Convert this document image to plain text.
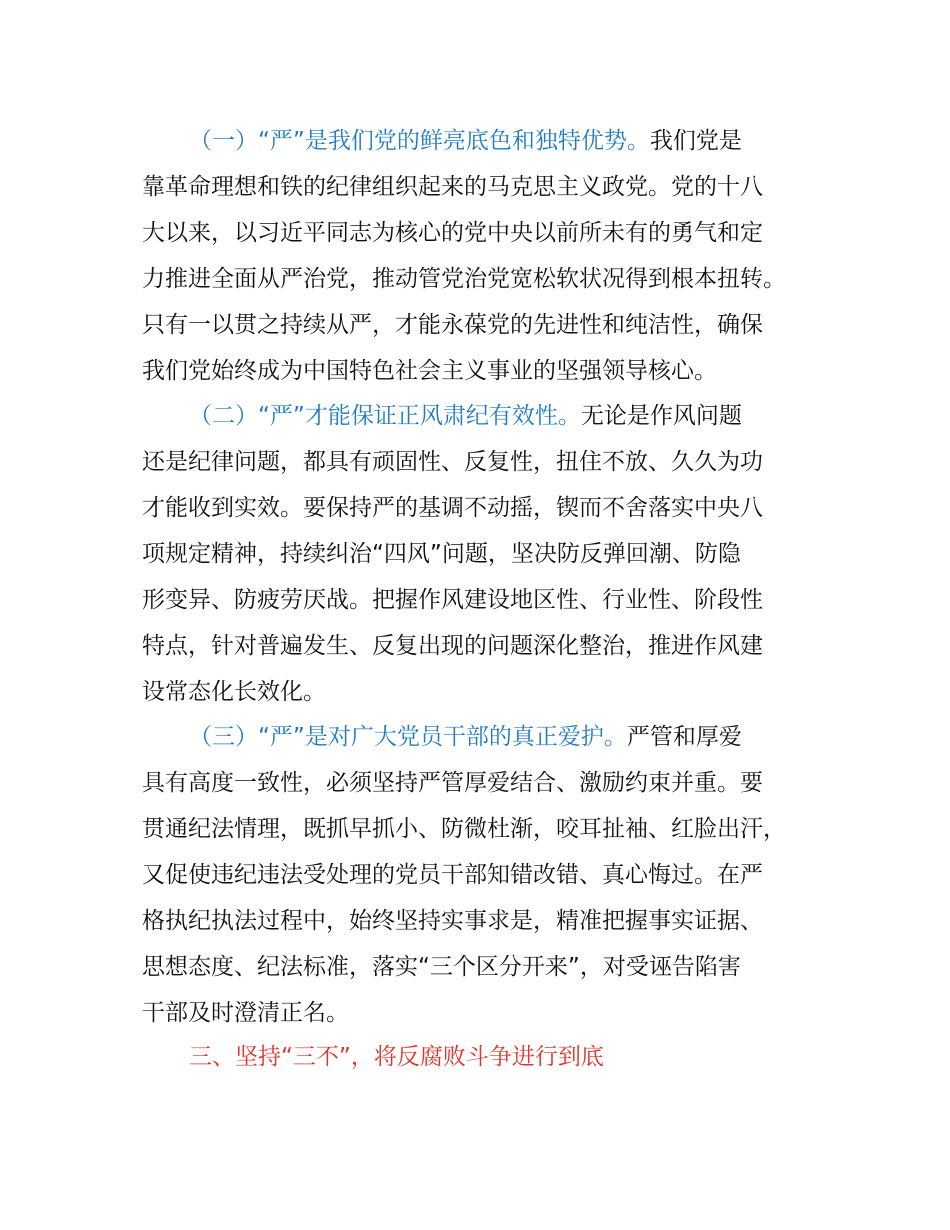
（一）“严”是我们党的鲜亮底色和独特优势。我们党是
靠革命理想和铁的纪律组织起来的马克思主义政党。党的十八
大以来，以习近平同志为核心的党中央以前所未有的勇气和定
力推进全面从严治党，推动管党治党宽松软状况得到根本扭转。
只有一以贯之持续从严，才能永葆党的先进性和纯洁性，确保
我们党始终成为中国特色社会主义事业的坚强领导核心。
（二）“严”才能保证正风肃纪有效性。无论是作风问题
还是纪律问题，都具有顽固性、反复性，扭住不放、久久为功
才能收到实效。要保持严的基调不动摇，锲而不舍落实中央八
项规定精神，持续纠治“四风”问题，坚决防反弹回潮、防隐
形变异、防疲劳厌战。把握作风建设地区性、行业性、阶段性
特点，针对普遍发生、反复出现的问题深化整治，推进作风建
设常态化长效化。
（三）“严”是对广大党员干部的真正爱护。严管和厚爱
具有高度一致性，必须坚持严管厚爱结合、激励约束并重。要
贯通纪法情理，既抓早抓小、防微杜渐，咬耳扯袖、红脸出汗，
又促使违纪违法受处理的党员干部知错改错、真心悔过。在严
格执纪执法过程中，始终坚持实事求是，精准把握事实证据、
思想态度、纪法标准，落实“三个区分开来”，对受诬告陷害
干部及时澄清正名。
三、坚持“三不”，将反腐败斗争进行到底
